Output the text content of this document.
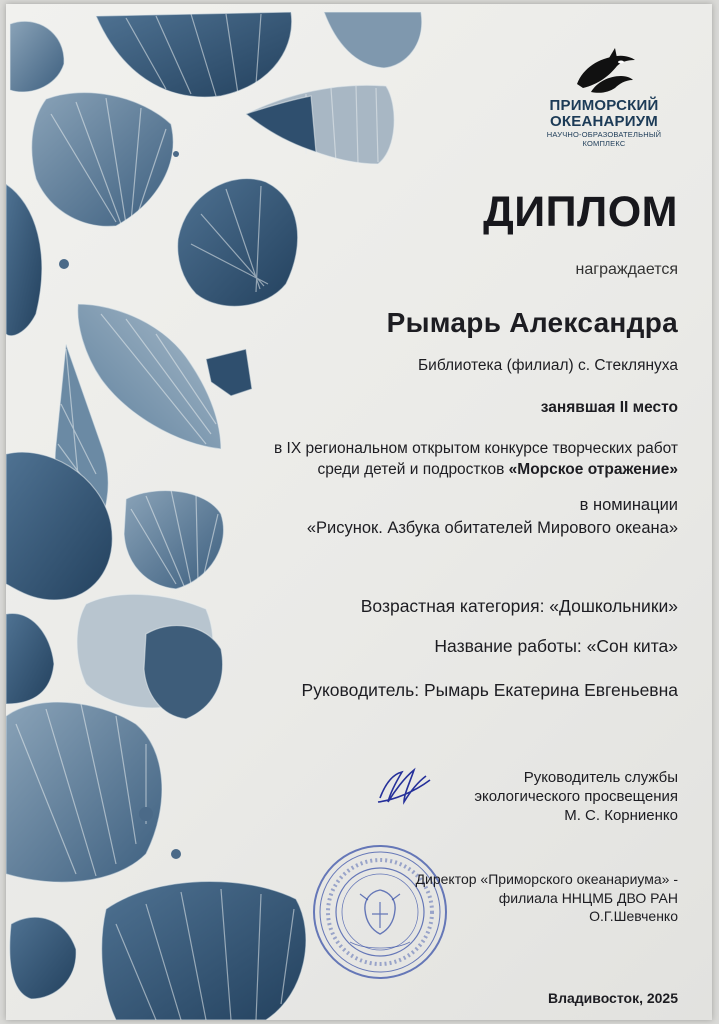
ПРИМОРСКИЙ
ОКЕАНАРИУМ
НАУЧНО-ОБРАЗОВАТЕЛЬНЫЙ
КОМПЛЕКС
ДИПЛОМ
награждается
Рымарь Александра
Библиотека (филиал) с. Стеклянуха
занявшая II место
в IX региональном открытом конкурсе творческих работ
среди детей и подростков «Морское отражение»
в номинации
«Рисунок. Азбука обитателей Мирового океана»
Возрастная категория: «Дошкольники»
Название работы: «Сон кита»
Руководитель: Рымарь Екатерина Евгеньевна
Руководитель службы
экологического просвещения
М. С. Корниенко
Директор «Приморского океанариума» -
филиала ННЦМБ ДВО РАН
О.Г.Шевченко
Владивосток, 2025
